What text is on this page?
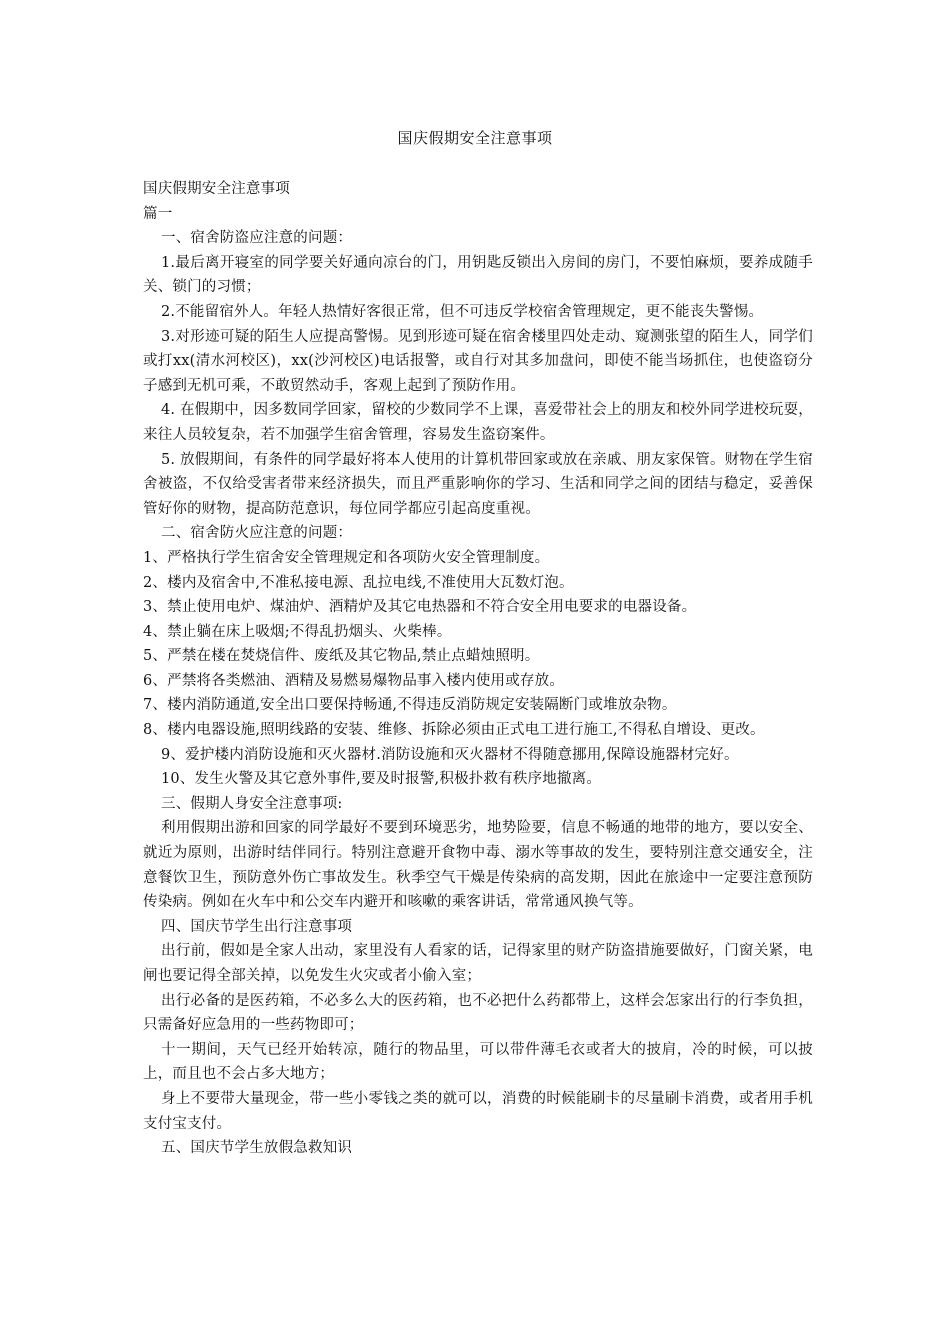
国庆假期安全注意事项

国庆假期安全注意事项

篇一

一、宿舍防盗应注意的问题：

1.最后离开寝室的同学要关好通向凉台的门，用钥匙反锁出入房间的房门，不要怕麻烦，要养成随手关、锁门的习惯；

2.不能留宿外人。年轻人热情好客很正常，但不可违反学校宿舍管理规定，更不能丧失警惕。

3.对形迹可疑的陌生人应提高警惕。见到形迹可疑在宿舍楼里四处走动、窥测张望的陌生人，同学们或打xx(清水河校区)，xx(沙河校区)电话报警，或自行对其多加盘问，即使不能当场抓住，也使盗窃分子感到无机可乘，不敢贸然动手，客观上起到了预防作用。

4. 在假期中，因多数同学回家，留校的少数同学不上课，喜爱带社会上的朋友和校外同学进校玩耍，来往人员较复杂，若不加强学生宿舍管理，容易发生盗窃案件。

5. 放假期间，有条件的同学最好将本人使用的计算机带回家或放在亲戚、朋友家保管。财物在学生宿舍被盗，不仅给受害者带来经济损失，而且严重影响你的学习、生活和同学之间的团结与稳定，妥善保管好你的财物，提高防范意识，每位同学都应引起高度重视。

二、宿舍防火应注意的问题：

1、严格执行学生宿舍安全管理规定和各项防火安全管理制度。

2、楼内及宿舍中,不准私接电源、乱拉电线,不准使用大瓦数灯泡。

3、禁止使用电炉、煤油炉、酒精炉及其它电热器和不符合安全用电要求的电器设备。

4、禁止躺在床上吸烟;不得乱扔烟头、火柴棒。

5、严禁在楼在焚烧信件、废纸及其它物品,禁止点蜡烛照明。

6、严禁将各类燃油、酒精及易燃易爆物品事入楼内使用或存放。

7、楼内消防通道,安全出口要保持畅通,不得违反消防规定安装隔断门或堆放杂物。

8、楼内电器设施,照明线路的安装、维修、拆除必须由正式电工进行施工,不得私自增设、更改。

9、爱护楼内消防设施和灭火器材.消防设施和灭火器材不得随意挪用,保障设施器材完好。

10、发生火警及其它意外事件,要及时报警,积极扑救有秩序地撤离。

三、假期人身安全注意事项:

利用假期出游和回家的同学最好不要到环境恶劣，地势险要，信息不畅通的地带的地方，要以安全、就近为原则，出游时结伴同行。特别注意避开食物中毒、溺水等事故的发生，要特别注意交通安全，注意餐饮卫生，预防意外伤亡事故发生。秋季空气干燥是传染病的高发期，因此在旅途中一定要注意预防传染病。例如在火车中和公交车内避开和咳嗽的乘客讲话，常常通风换气等。

四、国庆节学生出行注意事项

出行前，假如是全家人出动，家里没有人看家的话，记得家里的财产防盗措施要做好，门窗关紧，电闸也要记得全部关掉，以免发生火灾或者小偷入室；

出行必备的是医药箱，不必多么大的医药箱，也不必把什么药都带上，这样会怎家出行的行李负担，只需备好应急用的一些药物即可；

十一期间，天气已经开始转凉，随行的物品里，可以带件薄毛衣或者大的披肩，冷的时候，可以披上，而且也不会占多大地方；

身上不要带大量现金，带一些小零钱之类的就可以，消费的时候能刷卡的尽量刷卡消费，或者用手机支付宝支付。

五、国庆节学生放假急救知识
